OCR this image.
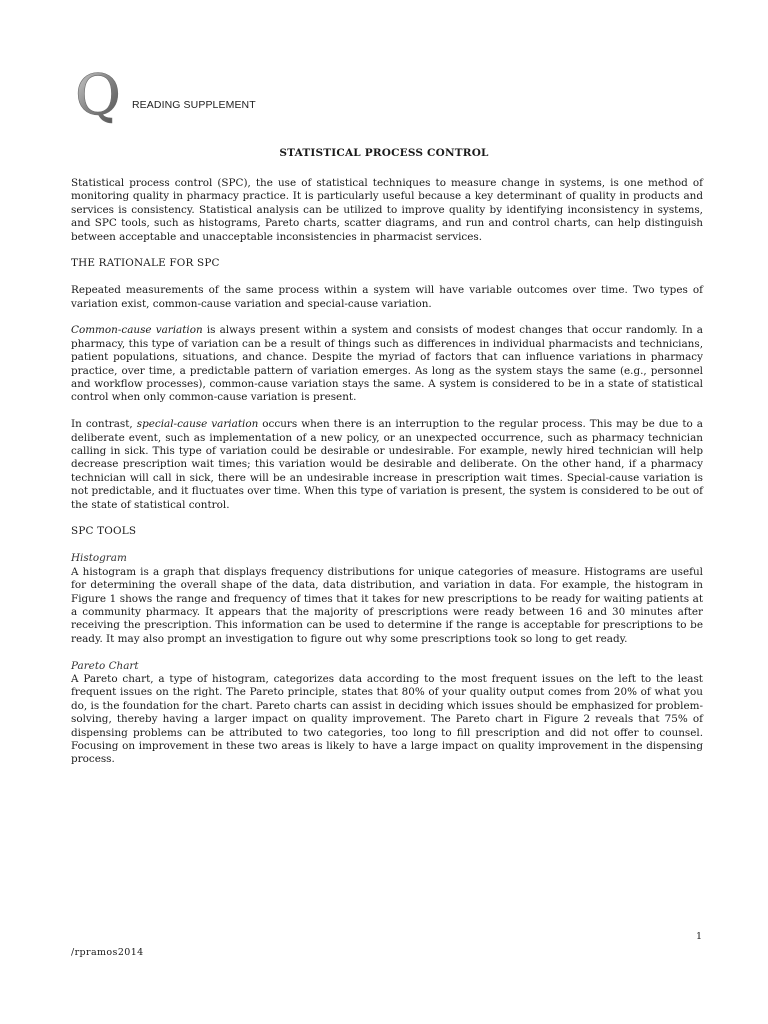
Q READING SUPPLEMENT
STATISTICAL PROCESS CONTROL

Statistical process control (SPC), the use of statistical techniques to measure change in systems, is one method of monitoring quality in pharmacy practice. It is particularly useful because a key determinant of quality in products and services is consistency. Statistical analysis can be utilized to improve quality by identifying inconsistency in systems, and SPC tools, such as histograms, Pareto charts, scatter diagrams, and run and control charts, can help distinguish between acceptable and unacceptable inconsistencies in pharmacist services.

THE RATIONALE FOR SPC

Repeated measurements of the same process within a system will have variable outcomes over time. Two types of variation exist, common-cause variation and special-cause variation.

Common-cause variation is always present within a system and consists of modest changes that occur randomly. In a pharmacy, this type of variation can be a result of things such as differences in individual pharmacists and technicians, patient populations, situations, and chance. Despite the myriad of factors that can influence variations in pharmacy practice, over time, a predictable pattern of variation emerges. As long as the system stays the same (e.g., personnel and workflow processes), common-cause variation stays the same. A system is considered to be in a state of statistical control when only common-cause variation is present.

In contrast, special-cause variation occurs when there is an interruption to the regular process. This may be due to a deliberate event, such as implementation of a new policy, or an unexpected occurrence, such as pharmacy technician calling in sick. This type of variation could be desirable or undesirable. For example, newly hired technician will help decrease prescription wait times; this variation would be desirable and deliberate. On the other hand, if a pharmacy technician will call in sick, there will be an undesirable increase in prescription wait times. Special-cause variation is not predictable, and it fluctuates over time. When this type of variation is present, the system is considered to be out of the state of statistical control.

SPC TOOLS
Histogram

A histogram is a graph that displays frequency distributions for unique categories of measure. Histograms are useful for determining the overall shape of the data, data distribution, and variation in data. For example, the histogram in Figure 1 shows the range and frequency of times that it takes for new prescriptions to be ready for waiting patients at a community pharmacy. It appears that the majority of prescriptions were ready between 16 and 30 minutes after receiving the prescription. This information can be used to determine if the range is acceptable for prescriptions to be ready. It may also prompt an investigation to figure out why some prescriptions took so long to get ready.

Pareto Chart

A Pareto chart, a type of histogram, categorizes data according to the most frequent issues on the left to the least frequent issues on the right. The Pareto principle, states that 80% of your quality output comes from 20% of what you do, is the foundation for the chart. Pareto charts can assist in deciding which issues should be emphasized for problem-solving, thereby having a larger impact on quality improvement. The Pareto chart in Figure 2 reveals that 75% of dispensing problems can be attributed to two categories, too long to fill prescription and did not offer to counsel. Focusing on improvement in these two areas is likely to have a large impact on quality improvement in the dispensing process.

1
/rpramos2014
